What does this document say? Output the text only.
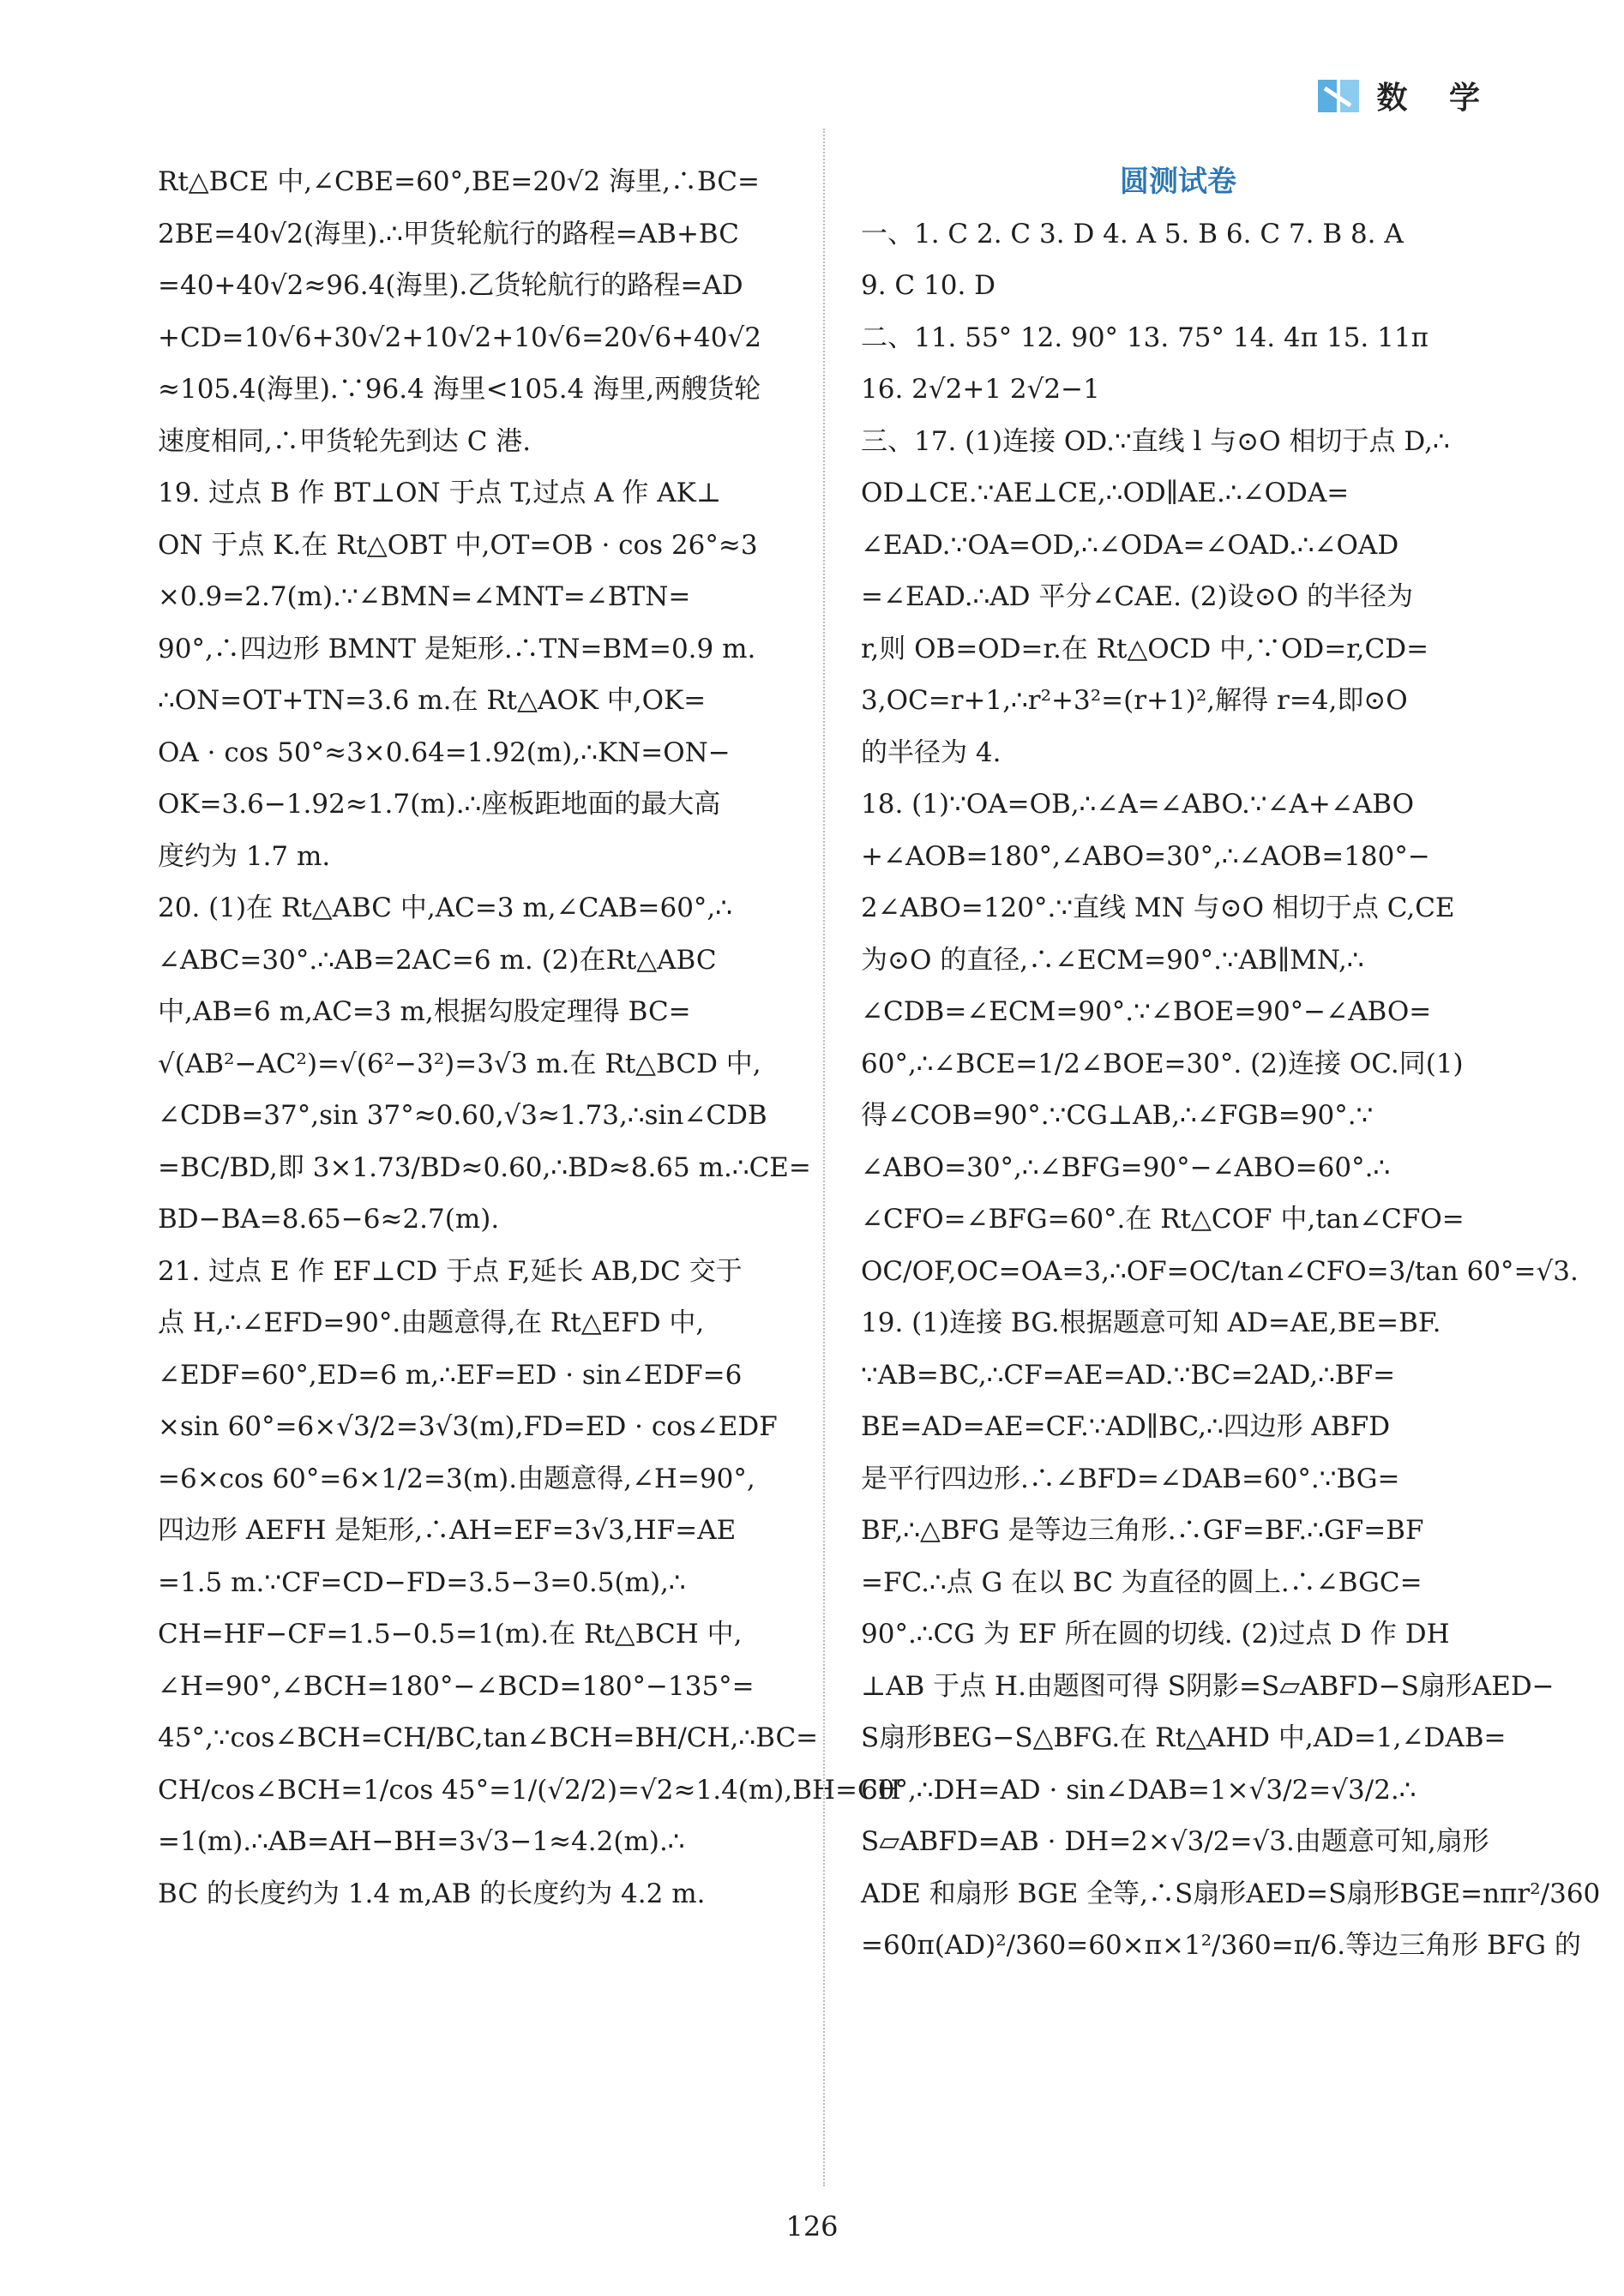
数 学
Rt△BCE 中,∠CBE=60°,BE=20√2 海里,∴BC=
2BE=40√2(海里).∴甲货轮航行的路程=AB+BC
=40+40√2≈96.4(海里).乙货轮航行的路程=AD
+CD=10√6+30√2+10√2+10√6=20√6+40√2
≈105.4(海里).∵96.4 海里<105.4 海里,两艘货轮
速度相同,∴甲货轮先到达 C 港.
19. 过点 B 作 BT⊥ON 于点 T,过点 A 作 AK⊥
ON 于点 K.在 Rt△OBT 中,OT=OB · cos 26°≈3
×0.9=2.7(m).∵∠BMN=∠MNT=∠BTN=
90°,∴四边形 BMNT 是矩形.∴TN=BM=0.9 m.
∴ON=OT+TN=3.6 m.在 Rt△AOK 中,OK=
OA · cos 50°≈3×0.64=1.92(m),∴KN=ON−
OK=3.6−1.92≈1.7(m).∴座板距地面的最大高
度约为 1.7 m.
20. (1)在 Rt△ABC 中,AC=3 m,∠CAB=60°,∴
∠ABC=30°.∴AB=2AC=6 m. (2)在Rt△ABC
中,AB=6 m,AC=3 m,根据勾股定理得 BC=
√(AB²−AC²)=√(6²−3²)=3√3 m.在 Rt△BCD 中,
∠CDB=37°,sin 37°≈0.60,√3≈1.73,∴sin∠CDB
=BC/BD,即 3×1.73/BD≈0.60,∴BD≈8.65 m.∴CE=
BD−BA=8.65−6≈2.7(m).
21. 过点 E 作 EF⊥CD 于点 F,延长 AB,DC 交于
点 H,∴∠EFD=90°.由题意得,在 Rt△EFD 中,
∠EDF=60°,ED=6 m,∴EF=ED · sin∠EDF=6
×sin 60°=6×√3/2=3√3(m),FD=ED · cos∠EDF
=6×cos 60°=6×1/2=3(m).由题意得,∠H=90°,
四边形 AEFH 是矩形,∴AH=EF=3√3,HF=AE
=1.5 m.∵CF=CD−FD=3.5−3=0.5(m),∴
CH=HF−CF=1.5−0.5=1(m).在 Rt△BCH 中,
∠H=90°,∠BCH=180°−∠BCD=180°−135°=
45°,∵cos∠BCH=CH/BC,tan∠BCH=BH/CH,∴BC=
CH/cos∠BCH=1/cos 45°=1/(√2/2)=√2≈1.4(m),BH=CH
=1(m).∴AB=AH−BH=3√3−1≈4.2(m).∴
BC 的长度约为 1.4 m,AB 的长度约为 4.2 m.
圆测试卷
一、1. C 2. C 3. D 4. A 5. B 6. C 7. B 8. A
9. C 10. D
二、11. 55° 12. 90° 13. 75° 14. 4π 15. 11π
16. 2√2+1 2√2−1
三、17. (1)连接 OD.∵直线 l 与⊙O 相切于点 D,∴
OD⊥CE.∵AE⊥CE,∴OD∥AE.∴∠ODA=
∠EAD.∵OA=OD,∴∠ODA=∠OAD.∴∠OAD
=∠EAD.∴AD 平分∠CAE. (2)设⊙O 的半径为
r,则 OB=OD=r.在 Rt△OCD 中,∵OD=r,CD=
3,OC=r+1,∴r²+3²=(r+1)²,解得 r=4,即⊙O
的半径为 4.
18. (1)∵OA=OB,∴∠A=∠ABO.∵∠A+∠ABO
+∠AOB=180°,∠ABO=30°,∴∠AOB=180°−
2∠ABO=120°.∵直线 MN 与⊙O 相切于点 C,CE
为⊙O 的直径,∴∠ECM=90°.∵AB∥MN,∴
∠CDB=∠ECM=90°.∵∠BOE=90°−∠ABO=
60°,∴∠BCE=1/2∠BOE=30°. (2)连接 OC.同(1)
得∠COB=90°.∵CG⊥AB,∴∠FGB=90°.∵
∠ABO=30°,∴∠BFG=90°−∠ABO=60°.∴
∠CFO=∠BFG=60°.在 Rt△COF 中,tan∠CFO=
OC/OF,OC=OA=3,∴OF=OC/tan∠CFO=3/tan 60°=√3.
19. (1)连接 BG.根据题意可知 AD=AE,BE=BF.
∵AB=BC,∴CF=AE=AD.∵BC=2AD,∴BF=
BE=AD=AE=CF.∵AD∥BC,∴四边形 ABFD
是平行四边形.∴∠BFD=∠DAB=60°.∵BG=
BF,∴△BFG 是等边三角形.∴GF=BF.∴GF=BF
=FC.∴点 G 在以 BC 为直径的圆上.∴∠BGC=
90°.∴CG 为 EF 所在圆的切线. (2)过点 D 作 DH
⊥AB 于点 H.由题图可得 S阴影=S▱ABFD−S扇形AED−
S扇形BEG−S△BFG.在 Rt△AHD 中,AD=1,∠DAB=
60°,∴DH=AD · sin∠DAB=1×√3/2=√3/2.∴
S▱ABFD=AB · DH=2×√3/2=√3.由题意可知,扇形
ADE 和扇形 BGE 全等,∴S扇形AED=S扇形BGE=nπr²/360
=60π(AD)²/360=60×π×1²/360=π/6.等边三角形 BFG 的
126
